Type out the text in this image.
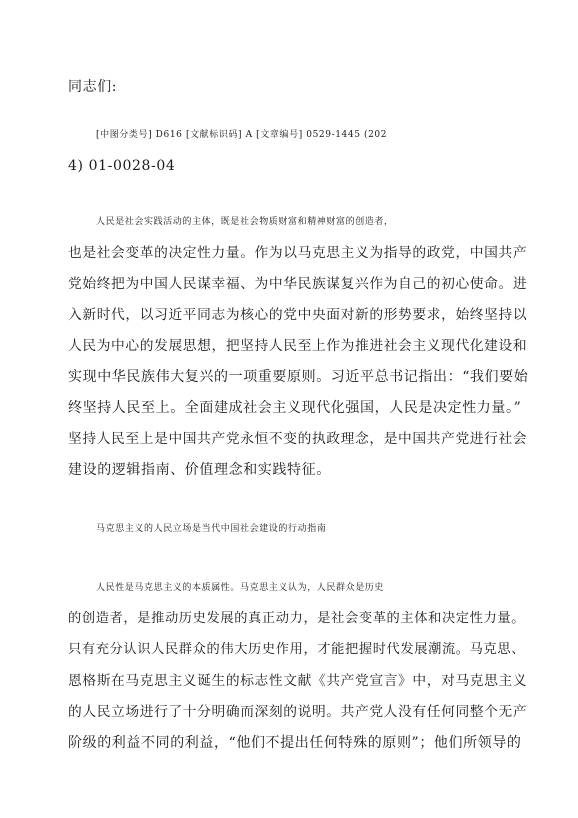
同志们:
[中图分类号] D616 [文献标识码] A [文章编号] 0529-1445 (202
4) 01-0028-04
人民是社会实践活动的主体，既是社会物质财富和精神财富的创造者，
也是社会变革的决定性力量。作为以马克思主义为指导的政党，中国共产
党始终把为中国人民谋幸福、为中华民族谋复兴作为自己的初心使命。进
入新时代，以习近平同志为核心的党中央面对新的形势要求，始终坚持以
人民为中心的发展思想，把坚持人民至上作为推进社会主义现代化建设和
实现中华民族伟大复兴的一项重要原则。习近平总书记指出：“我们要始
终坚持人民至上。全面建成社会主义现代化强国，人民是决定性力量。”
坚持人民至上是中国共产党永恒不变的执政理念，是中国共产党进行社会
建设的逻辑指南、价值理念和实践特征。
马克思主义的人民立场是当代中国社会建设的行动指南
人民性是马克思主义的本质属性。马克思主义认为，人民群众是历史
的创造者，是推动历史发展的真正动力，是社会变革的主体和决定性力量。
只有充分认识人民群众的伟大历史作用，才能把握时代发展潮流。马克思、
恩格斯在马克思主义诞生的标志性文献《共产党宣言》中，对马克思主义
的人民立场进行了十分明确而深刻的说明。共产党人没有任何同整个无产
阶级的利益不同的利益，“他们不提出任何特殊的原则”；他们所领导的
